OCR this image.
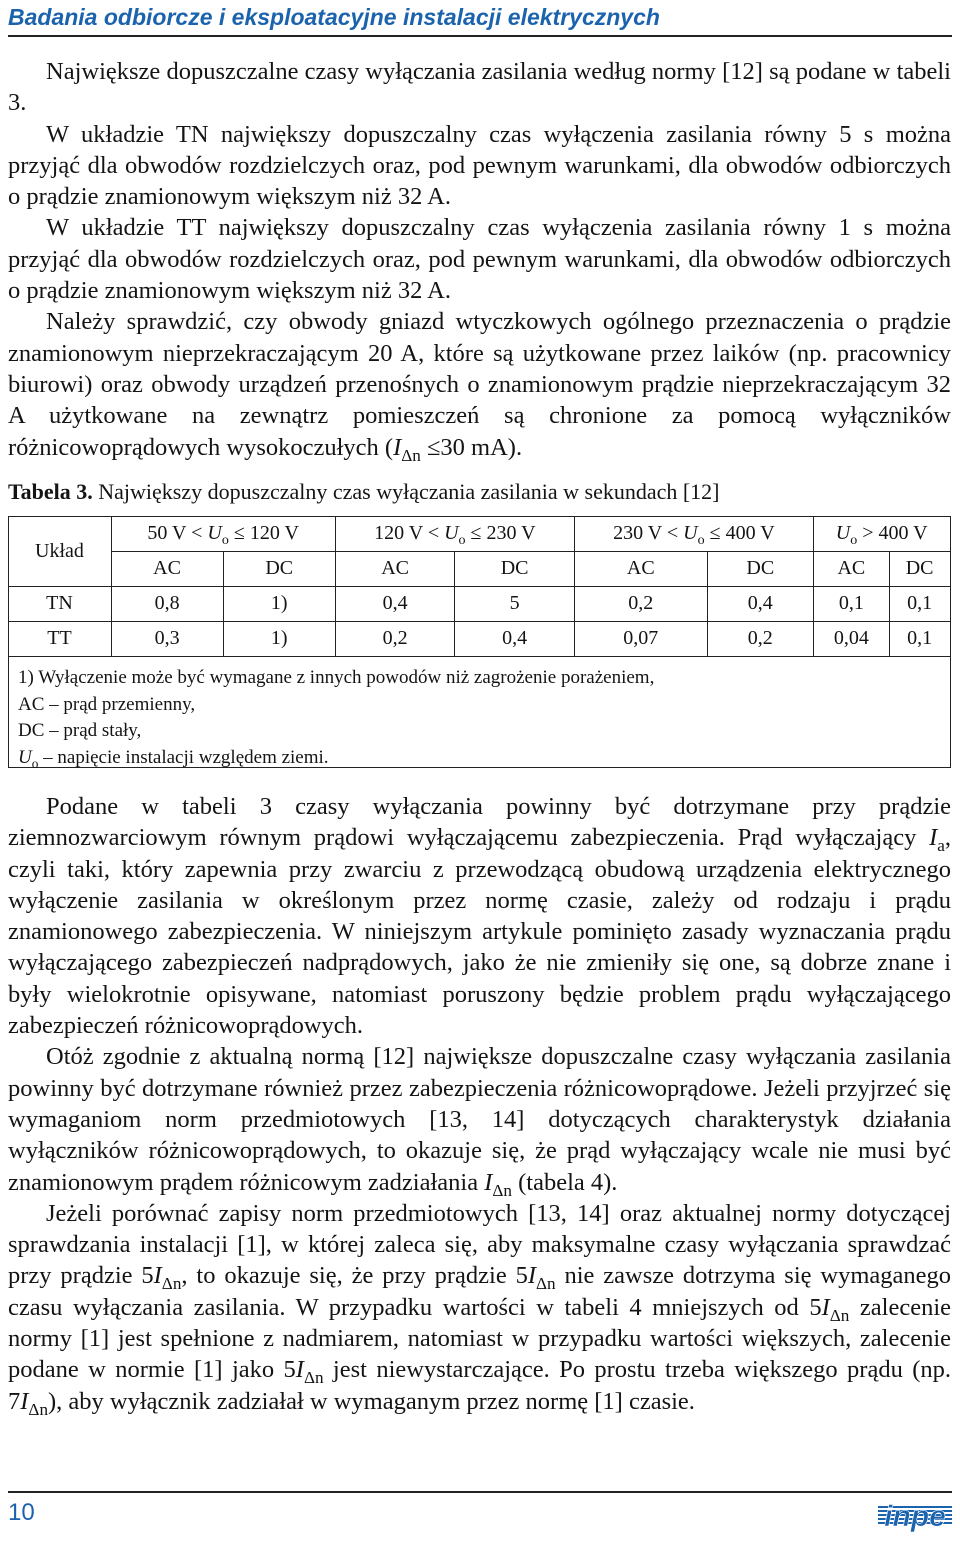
Badania odbiorcze i eksploatacyjne instalacji elektrycznych

Największe dopuszczalne czasy wyłączania zasilania według normy [12] są podane w tabeli 3.

W układzie TN największy dopuszczalny czas wyłączenia zasilania równy 5 s można przyjąć dla obwodów rozdzielczych oraz, pod pewnym warunkami, dla obwodów odbiorczych o prądzie znamionowym większym niż 32 A.

W układzie TT największy dopuszczalny czas wyłączenia zasilania równy 1 s można przyjąć dla obwodów rozdzielczych oraz, pod pewnym warunkami, dla obwodów odbiorczych o prądzie znamionowym większym niż 32 A.

Należy sprawdzić, czy obwody gniazd wtyczkowych ogólnego przeznaczenia o prądzie znamionowym nieprzekraczającym 20 A, które są użytkowane przez laików (np. pracownicy biurowi) oraz obwody urządzeń przenośnych o znamionowym prądzie nieprzekraczającym 32 A użytkowane na zewnątrz pomieszczeń są chronione za pomocą wyłączników różnicowoprądowych wysokoczułych ($I_{\Delta n} \le 30$ mA).

Tabela 3. Największy dopuszczalny czas wyłączania zasilania w sekundach [12]
Układ	50 $V < U_o \le 120$ V		120 $V < U_o \le 230$ V		230 $V < U_o \le 400$ V		$U_o > 400$ V	
	AC	DC	AC	DC	AC	DC	AC	DC
TN	0,8	1)	0,4	5	0,2	0,4	0,1	0,1
TT	0,3	1)	0,2	0,4	0,07	0,2	0,04	0,1
1) Wyłączenie może być wymagane z innych powodów niż zagrożenie porażeniem,
AC – prąd przemienny,
DC – prąd stały,
$U_o$ – napięcie instalacji względem ziemi.

Podane w tabeli 3 czasy wyłączania powinny być dotrzymane przy prądzie ziemnozwarciowym równym prądowi wyłączającemu zabezpieczenia. Prąd wyłączający $I_a$, czyli taki, który zapewnia przy zwarciu z przewodzącą obudową urządzenia elektrycznego wyłączenie zasilania w określonym przez normę czasie, zależy od rodzaju i prądu znamionowego zabezpieczenia. W niniejszym artykule pominięto zasady wyznaczania prądu wyłączającego zabezpieczeń nadprądowych, jako że nie zmieniły się one, są dobrze znane i były wielokrotnie opisywane, natomiast poruszony będzie problem prądu wyłączającego zabezpieczeń różnicowoprądowych.

Otóż zgodnie z aktualną normą [12] największe dopuszczalne czasy wyłączania zasilania powinny być dotrzymane również przez zabezpieczenia różnicowoprądowe. Jeżeli przyjrzeć się wymaganiom norm przedmiotowych [13, 14] dotyczących charakterystyk działania wyłączników różnicowoprądowych, to okazuje się, że prąd wyłączający wcale nie musi być znamionowym prądem różnicowym zadziałania $I_{\Delta n}$ (tabela 4).

Jeżeli porównać zapisy norm przedmiotowych [13, 14] oraz aktualnej normy dotyczącej sprawdzania instalacji [1], w której zaleca się, aby maksymalne czasy wyłączania sprawdzać przy prądzie $5I_{\Delta n}$, to okazuje się, że przy prądzie $5I_{\Delta n}$ nie zawsze dotrzyma się wymaganego czasu wyłączania zasilania. W przypadku wartości w tabeli 4 mniejszych od $5I_{\Delta n}$ zalecenie normy [1] jest spełnione z nadmiarem, natomiast w przypadku wartości większych, zalecenie podane w normie [1] jako $5I_{\Delta n}$ jest niewystarczające. Po prostu trzeba większego prądu (np. $7I_{\Delta n}$), aby wyłącznik zadziałał w wymaganym przez normę [1] czasie.

10	inpe
